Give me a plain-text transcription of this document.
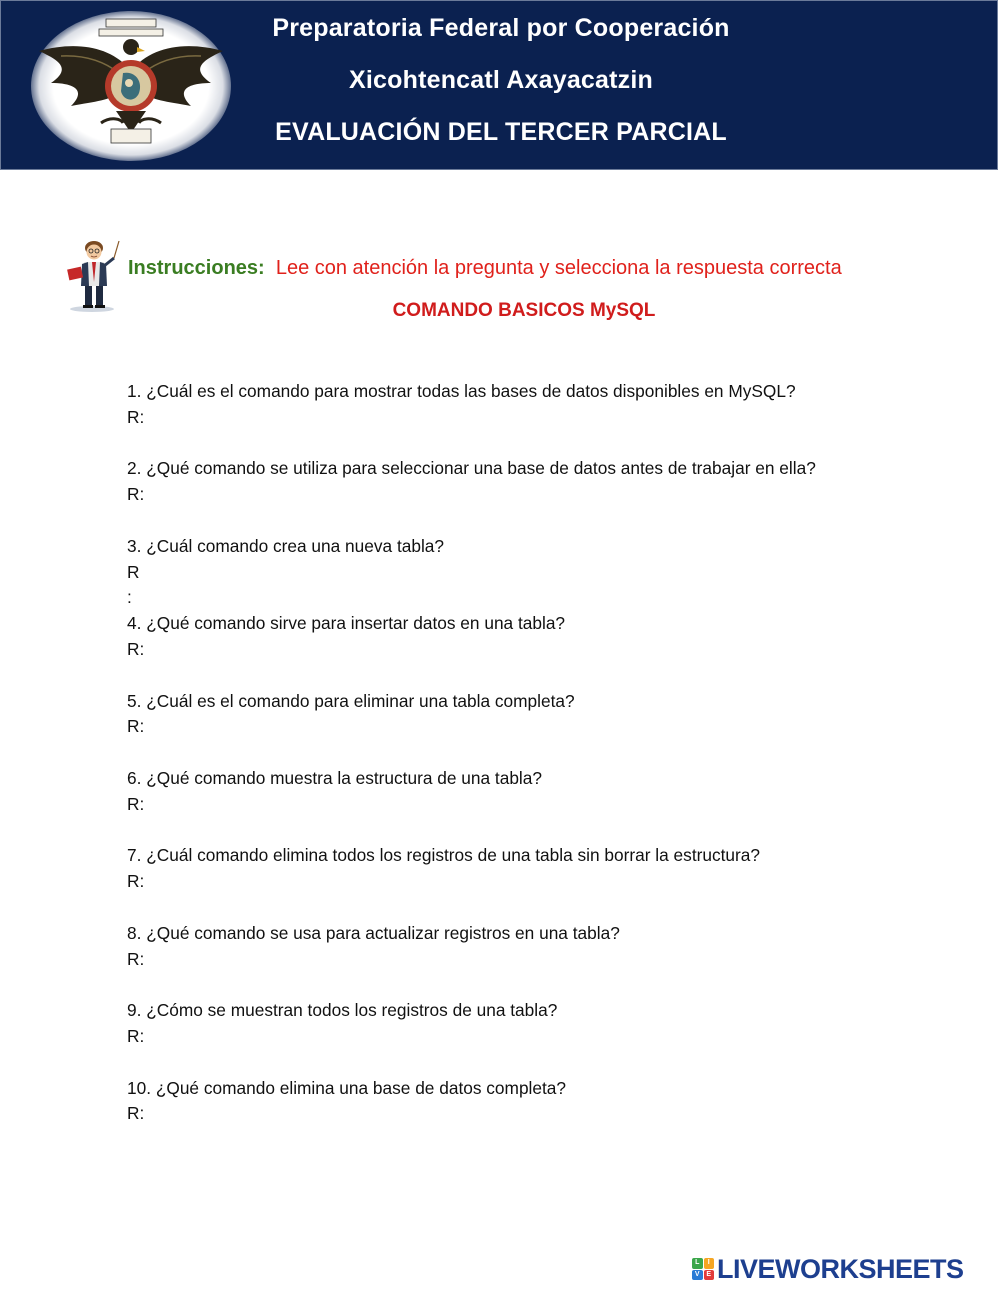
Preparatoria Federal por Cooperación
Xicohtencatl Axayacatzin
EVALUACIÓN DEL TERCER PARCIAL
Instrucciones: Lee con atención la pregunta y selecciona la respuesta correcta
COMANDO BASICOS MySQL
1. ¿Cuál es el comando para mostrar todas las bases de datos disponibles en MySQL?
R:
2. ¿Qué comando se utiliza para seleccionar una base de datos antes de trabajar en ella?
R:
3. ¿Cuál comando crea una nueva tabla?
R
:
4. ¿Qué comando sirve para insertar datos en una tabla?
R:
5. ¿Cuál es el comando para eliminar una tabla completa?
R:
6. ¿Qué comando muestra la estructura de una tabla?
R:
7. ¿Cuál comando elimina todos los registros de una tabla sin borrar la estructura?
R:
8. ¿Qué comando se usa para actualizar registros en una tabla?
R:
9. ¿Cómo se muestran todos los registros de una tabla?
R:
10. ¿Qué comando elimina una base de datos completa?
R:
L	I
V E LIVEWORKSHEETS
